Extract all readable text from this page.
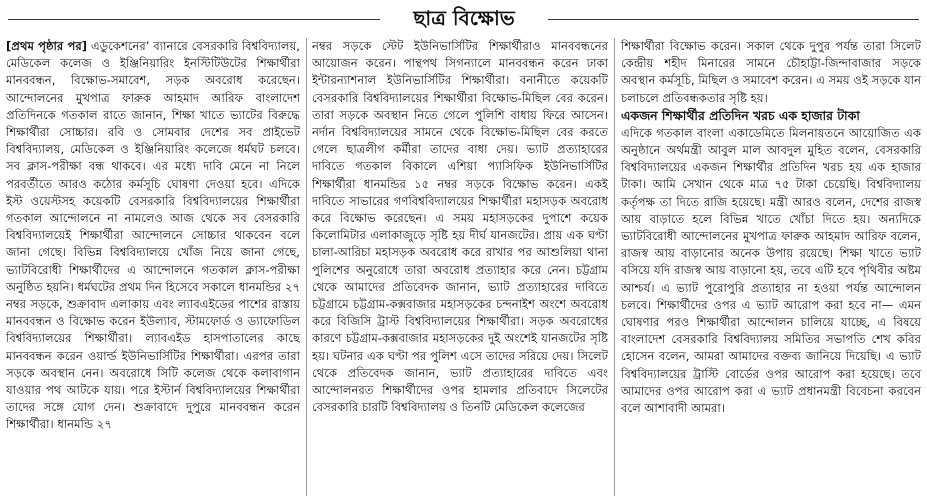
ছাত্র বিক্ষোভ

[প্রথম পৃষ্ঠার পর] এডুকেশনের’ ব্যানারে বেসরকারি বিশ্ববিদ্যালয়, মেডিকেল কলেজ ও ইঞ্জিনিয়ারিং ইনস্টিটিউটের শিক্ষার্থীরা মানববন্ধন, বিক্ষোভ-সমাবেশ, সড়ক অবরোধ করেছেন। আন্দোলনের মুখপাত্র ফারুক আহমাদ আরিফ বাংলাদেশ প্রতিদিনকে গতকাল রাতে জানান, শিক্ষা খাতে ভ্যাটের বিরুদ্ধে শিক্ষার্থীরা সোচ্চার। রবি ও সোমবার দেশের সব প্রাইভেট বিশ্ববিদ্যালয়, মেডিকেল ও ইঞ্জিনিয়ারিং কলেজে ধর্মঘট চলবে। সব ক্লাস-পরীক্ষা বন্ধ থাকবে। এর মধ্যে দাবি মেনে না নিলে পরবর্তীতে আরও কঠোর কর্মসূচি ঘোষণা দেওয়া হবে। এদিকে ইস্ট ওয়েস্টসহ কয়েকটি বেসরকারি বিশ্ববিদ্যালয়ের শিক্ষার্থীরা গতকাল আন্দোলনে না নামলেও আজ থেকে সব বেসরকারি বিশ্ববিদ্যালয়েই শিক্ষার্থীরা আন্দোলনে সোচ্চার থাকবেন বলে জানা গেছে। বিভিন্ন বিশ্ববিদ্যালয়ে খোঁজ নিয়ে জানা গেছে, ভ্যাটবিরোধী শিক্ষার্থীদের এ আন্দোলনে গতকাল ক্লাস-পরীক্ষা অনুষ্ঠিত হয়নি। ধর্মঘটের প্রথম দিন হিসেবে সকালে ধানমন্ডির ২৭ নম্বর সড়কে, শুক্রাবাদ এলাকায় এবং ল্যাবএইডের পাশের রাস্তায় মানববন্ধন ও বিক্ষোভ করেন ইউল্যাব, স্টামফোর্ড ও ড্যাফোডিল বিশ্ববিদ্যালয়ের শিক্ষার্থীরা। ল্যাবএইড হাসপাতালের কাছে মানববন্ধন করেন ওয়ার্ল্ড ইউনিভার্সিটির শিক্ষার্থীরা। এরপর তারা সড়কে অবস্থান নেন। অবরোধে সিটি কলেজ থেকে কলাবাগান যাওয়ার পথ আটকে যায়। পরে ইস্টার্ন বিশ্ববিদ্যালয়ের শিক্ষার্থীরা তাদের সঙ্গে যোগ দেন। শুক্রাবাদে দুপুরে মানববন্ধন করেন শিক্ষার্থীরা। ধানমন্ডি ২৭

নম্বর সড়কে স্টেট ইউনিভার্সিটির শিক্ষার্থীরাও মানববন্ধনের আয়োজন করেন। পান্থপথ সিগন্যালে মানববন্ধন করেন ঢাকা ইন্টারন্যাশনাল ইউনিভার্সিটির শিক্ষার্থীরা। বনানীতে কয়েকটি বেসরকারি বিশ্ববিদ্যালয়ের শিক্ষার্থীরা বিক্ষোভ-মিছিল বের করেন। তারা সড়কে অবস্থান নিতে গেলে পুলিশি বাধায় ফিরে আসেন। নর্দান বিশ্ববিদ্যালয়ের সামনে থেকে বিক্ষোভ-মিছিল বের করতে গেলে ছাত্রলীগ কর্মীরা তাদের বাধা দেয়। ভ্যাট প্রত্যাহারের দাবিতে গতকাল বিকালে এশিয়া প্যাসিফিক ইউনিভার্সিটির শিক্ষার্থীরা ধানমন্ডির ১৫ নম্বর সড়কে বিক্ষোভ করেন। একই দাবিতে সাভারের গণবিশ্ববিদ্যালয়ের শিক্ষার্থীরা মহাসড়ক অবরোধ করে বিক্ষোভ করেছেন। এ সময় মহাসড়কের দুপাশে কয়েক কিলোমিটার এলাকাজুড়ে সৃষ্টি হয় দীর্ঘ যানজটের। প্রায় এক ঘণ্টা চালা-আরিচা মহাসড়ক অবরোধ করে রাখার পর আশুলিয়া থানা পুলিশের অনুরোধে তারা অবরোধ প্রত্যাহার করে নেন। চট্টগ্রাম থেকে আমাদের প্রতিবেদক জানান, ভ্যাট প্রত্যাহারের দাবিতে চট্টগ্রামে চট্টগ্রাম-কক্সবাজার মহাসড়কের চন্দনাইশ অংশে অবরোধ করে বিজিসি ট্রাস্ট বিশ্ববিদ্যালয়ের শিক্ষার্থীরা। সড়ক অবরোধের কারণে চট্টগ্রাম-কক্সবাজার মহাসড়কের দুই অংশেই যানজটের সৃষ্টি হয়। ঘটনার এক ঘণ্টা পর পুলিশ এসে তাদের সরিয়ে দেয়। সিলেট থেকে প্রতিবেদক জানান, ভ্যাট প্রত্যাহারের দাবিতে এবং আন্দোলনরত শিক্ষার্থীদের ওপর হামলার প্রতিবাদে সিলেটের বেসরকারি চারটি বিশ্ববিদ্যালয় ও তিনটি মেডিকেল কলেজের

শিক্ষার্থীরা বিক্ষোভ করেন। সকাল থেকে দুপুর পর্যন্ত তারা সিলেট কেন্দ্রীয় শহীদ মিনারের সামনে চৌহাট্টা-জিন্দাবাজার সড়কে অবস্থান কর্মসূচি, মিছিল ও সমাবেশ করেন। এ সময় ওই সড়কে যান চলাচলে প্রতিবন্ধকতার সৃষ্টি হয়।

একজন শিক্ষার্থীর প্রতিদিন খরচ এক হাজার টাকা

এদিকে গতকাল বাংলা একাডেমিতে মিলনায়তনে আয়োজিত এক অনুষ্ঠানে অর্থমন্ত্রী আবুল মাল আবদুল মুহিত বলেন, বেসরকারি বিশ্ববিদ্যালয়ের একজন শিক্ষার্থীর প্রতিদিন খরচ হয় এক হাজার টাকা। আমি সেখান থেকে মাত্র ৭৫ টাকা চেয়েছি। বিশ্ববিদ্যালয় কর্তৃপক্ষ তা দিতে রাজি হয়েছে। মন্ত্রী আরও বলেন, দেশের রাজস্ব আয় বাড়াতে হলে বিভিন্ন খাতে খোঁচা দিতে হয়। অন্যদিকে ভ্যাটবিরোধী আন্দোলনের মুখপাত্র ফারুক আহমাদ আরিফ বলেন, রাজস্ব আয় বাড়ানোর অনেক উপায় রয়েছে। শিক্ষা খাতে ভ্যাট বসিয়ে যদি রাজস্ব আয় বাড়ানো হয়, তবে এটি হবে পৃথিবীর অষ্টম আশ্চর্য। এ ভ্যাট পুরোপুরি প্রত্যাহার না হওয়া পর্যন্ত আন্দোলন চলবে। শিক্ষার্থীদের ওপর এ ভ্যাট আরোপ করা হবে না— এমন ঘোষণার পরও শিক্ষার্থীরা আন্দোলন চালিয়ে যাচ্ছে, এ বিষয়ে বাংলাদেশ বেসরকারি বিশ্ববিদ্যালয় সমিতির সভাপতি শেখ কবির হোসেন বলেন, আমরা আমাদের বক্তব্য জানিয়ে দিয়েছি। এ ভ্যাট বিশ্ববিদ্যালয়ের ট্রাস্টি বোর্ডের ওপর আরোপ করা হয়েছে। তবে আমাদের ওপর আরোপ করা এ ভ্যাট প্রধানমন্ত্রী বিবেচনা করবেন বলে আশাবাদী আমরা।
